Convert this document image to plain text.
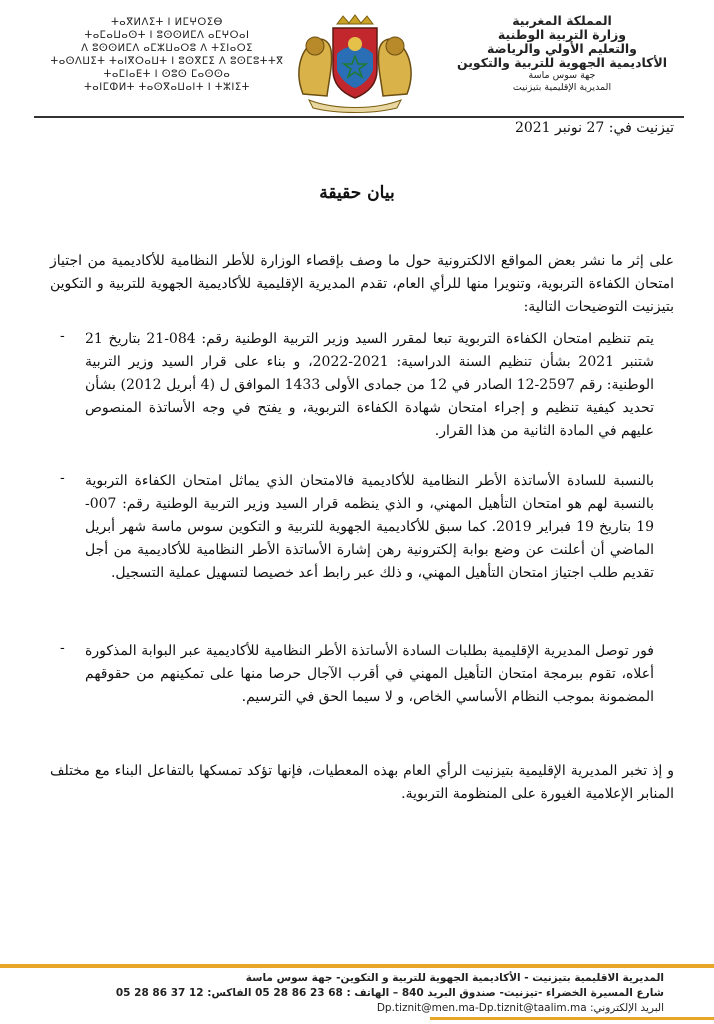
ⵜⴰⴳⵍⴷⵉⵜ ⵏ ⵍⵎⵖⵔⵉⴱ
ⵜⴰⵎⴰⵡⴰⵙⵜ ⵏ ⵓⵙⵙⵍⵎⴷ ⴰⵎⵖⵔⴰⵏ
ⴷ ⵓⵙⵙⵍⵎⴷ ⴰⵎⵣⵡⴰⵔⵓ ⴷ ⵜⵉⵏⴰⵔⵉ
ⵜⴰⵙⴷⵡⵉⵜ ⵜⴰⵏⴳⵔⴰⵡⵜ ⵏ ⵓⵙⴳⵎⵉ ⴷ ⵓⵙⵎⵓⵜⵜⴳ
ⵜⴰⵎⵏⴰⴹⵜ ⵏ ⵙⵓⵙ ⵎⴰⵙⵙⴰ
ⵜⴰⵏⵎⵀⵍⵜ ⵜⴰⵙⴳⴰⵡⴰⵏⵜ ⵏ ⵜⵣⵏⵉⵜ
المملكة المغربية
وزارة التربية الوطنية
والتعليم الأولي والرياضة
الأكاديمية الجهوية للتربية والتكوين
جهة سوس ماسة
المديرية الإقليمية بتيزنيت
تيزنيت في: 27 نونبر 2021
بيان حقيقة
على إثر ما نشر بعض المواقع الالكترونية حول ما وصف بإقصاء الوزارة للأطر النظامية للأكاديمية من اجتياز امتحان الكفاءة التربوية، وتنويرا منها للرأي العام، تقدم المديرية الإقليمية للأكاديمية الجهوية للتربية و التكوين بتيزنيت التوضيحات التالية:
- يتم تنظيم امتحان الكفاءة التربوية تبعا لمقرر السيد وزير التربية الوطنية رقم: 084-21 بتاريخ 21 شتنبر 2021 بشأن تنظيم السنة الدراسية: 2021-2022، و بناء على قرار السيد وزير التربية الوطنية: رقم 2597-12 الصادر في 12 من جمادى الأولى 1433 الموافق ل (4 أبريل 2012) بشأن تحديد كيفية تنظيم و إجراء امتحان شهادة الكفاءة التربوية، و يفتح في وجه الأساتذة المنصوص عليهم في المادة الثانية من هذا القرار.
- بالنسبة للسادة الأساتذة الأطر النظامية للأكاديمية فالامتحان الذي يماثل امتحان الكفاءة التربوية بالنسبة لهم هو امتحان التأهيل المهني، و الذي ينظمه قرار السيد وزير التربية الوطنية رقم: 007-19 بتاريخ 19 فبراير 2019. كما سبق للأكاديمية الجهوية للتربية و التكوين سوس ماسة شهر أبريل الماضي أن أعلنت عن وضع بوابة إلكترونية رهن إشارة الأساتذة الأطر النظامية للأكاديمية من أجل تقديم طلب اجتياز امتحان التأهيل المهني، و ذلك عبر رابط أعد خصيصا لتسهيل عملية التسجيل.
- فور توصل المديرية الإقليمية بطلبات السادة الأساتذة الأطر النظامية للأكاديمية عبر البوابة المذكورة أعلاه، تقوم ببرمجة امتحان التأهيل المهني في أقرب الآجال حرصا منها على تمكينهم من حقوقهم المضمونة بموجب النظام الأساسي الخاص، و لا سيما الحق في الترسيم.
و إذ تخبر المديرية الإقليمية بتيزنيت الرأي العام بهذه المعطيات، فإنها تؤكد تمسكها بالتفاعل البناء مع مختلف المنابر الإعلامية الغيورة على المنظومة التربوية.
المديرية الاقليمية بتيزنيت - الأكاديمية الجهوية للتربية و التكوين- جهة سوس ماسة
شارع المسيرة الخضراء -تيزنيت- صندوق البريد 840 – الهاتف : 68 23 86 28 05 الفاكس: 12 37 86 28 05
البريد الإلكتروني: Dp.tiznit@men.ma-Dp.tiznit@taalim.ma
